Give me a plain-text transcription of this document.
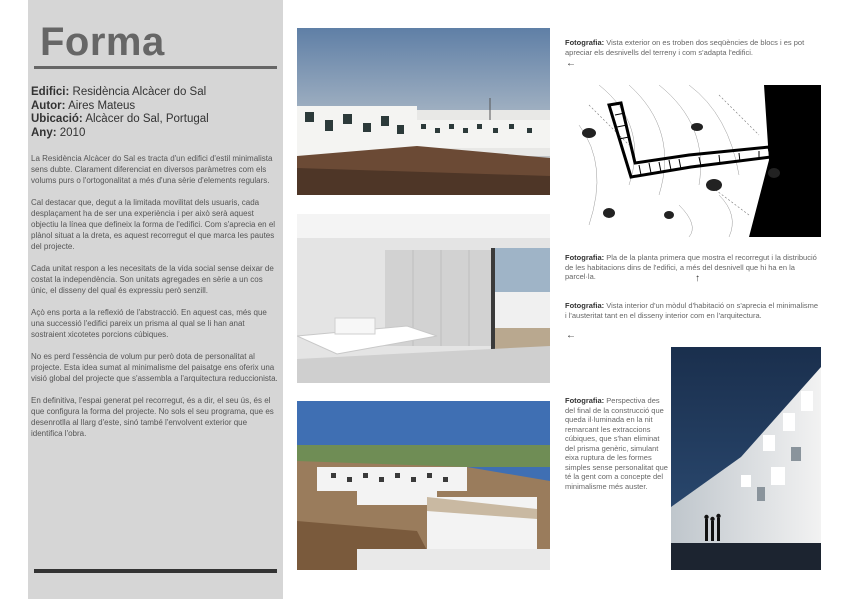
Forma
Edifici: Residència Alcàcer do Sal
Autor: Aires Mateus
Ubicació: Alcàcer do Sal, Portugal
Any: 2010

La Residència Alcàcer do Sal es tracta d'un edifici d'estil minimalista sens dubte. Clarament diferenciat en diversos paràmetres com els volums purs o l'ortogonalitat a més d'una sèrie d'elements regulars.

Cal destacar que, degut a la limitada movilitat dels usuaris, cada desplaçament ha de ser una experiència i per això serà aquest objectiu la línea que defineix la forma de l'edifici. Com s'aprecia en el plànol situat a la dreta, es aquest recorregut el que marca les pautes del projecte.

Cada unitat respon a les necesitats de la vida social sense deixar de costat la independència. Son unitats agregades en sèrie a un cos únic, el disseny del qual és expressiu però senzill.

Açò ens porta a la reflexió de l'abstracció. En aquest cas, més que una successió l'edifici pareix un prisma al qual se li han anat sostraient xicotetes porcions cúbiques.

No es perd l'essència de volum pur però dota de personalitat al projecte. Esta idea sumat al minimalisme del paisatge ens oferix una visió global del projecte que s'assembla a l'arquitectura reduccionista.

En definitiva, l'espai generat pel recorregut, és a dir, el seu ús, és el que configura la forma del projecte. No sols el seu programa, que es desenrotlla al llarg d'este, sinó també l'envolvent exterior que identifica l'obra.

Fotografia: Vista exterior on es troben dos seqüències de blocs i es pot apreciar els desnivells del terreny i com s'adapta l'edifici.
←
Fotografia: Pla de la planta primera que mostra el recorregut i la distribució de les habitacions dins de l'edifici, a més del desnivell que hi ha en la parcel·la.	↑
Fotografia: Vista interior d'un mòdul d'habitació on s'aprecia el minimalisme i l'austeritat tant en el disseny interior com en l'arquitectura.
←
Fotografia: Perspectiva des del final de la construcció que queda il·luminada en la nit remarcant les extraccions cúbiques, que s'han eliminat del prisma genèric, simulant eixa ruptura de les formes simples sense personalitat que té la gent com a concepte del minimalisme més auster.
